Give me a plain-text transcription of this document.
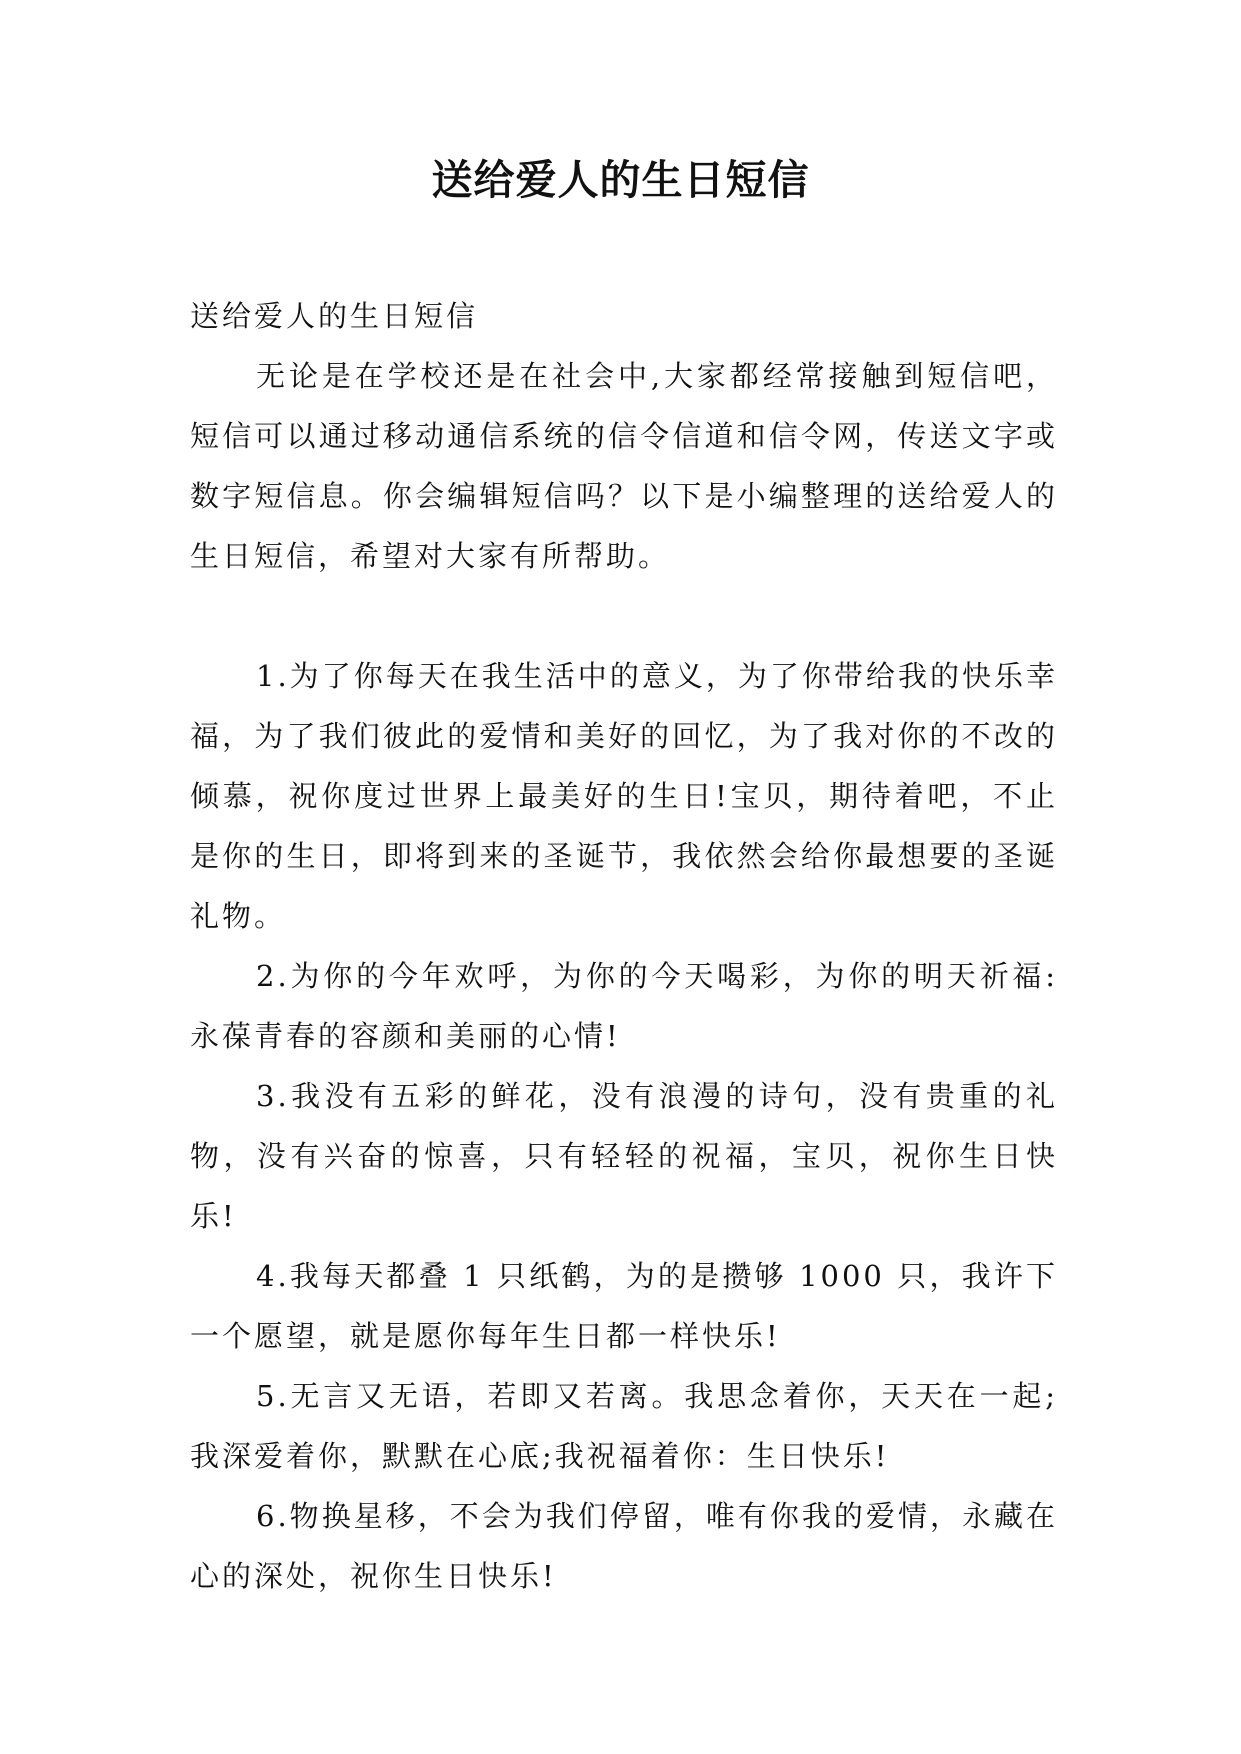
送给爱人的生日短信

送给爱人的生日短信

无论是在学校还是在社会中,大家都经常接触到短信吧，短信可以通过移动通信系统的信令信道和信令网，传送文字或数字短信息。你会编辑短信吗？以下是小编整理的送给爱人的生日短信，希望对大家有所帮助。

1.为了你每天在我生活中的意义，为了你带给我的快乐幸福，为了我们彼此的爱情和美好的回忆，为了我对你的不改的倾慕，祝你度过世界上最美好的生日!宝贝，期待着吧，不止是你的生日，即将到来的圣诞节，我依然会给你最想要的圣诞礼物。

2.为你的今年欢呼，为你的今天喝彩，为你的明天祈福:永葆青春的容颜和美丽的心情!

3.我没有五彩的鲜花，没有浪漫的诗句，没有贵重的礼物，没有兴奋的惊喜，只有轻轻的祝福，宝贝，祝你生日快乐!

4.我每天都叠 1 只纸鹤，为的是攒够 1000 只，我许下一个愿望，就是愿你每年生日都一样快乐!

5.无言又无语，若即又若离。我思念着你，天天在一起;我深爱着你，默默在心底;我祝福着你：生日快乐!

6.物换星移，不会为我们停留，唯有你我的爱情，永藏在心的深处，祝你生日快乐!
